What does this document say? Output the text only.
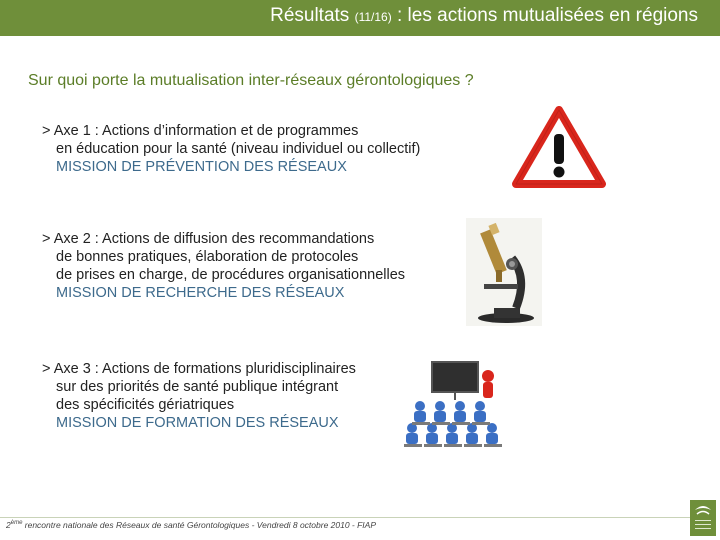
Résultats (11/16) : les actions mutualisées en régions
Sur quoi porte la mutualisation inter-réseaux gérontologiques ?
> Axe 1 : Actions d’information et de programmes
en éducation pour la santé (niveau individuel ou collectif)
MISSION DE PRÉVENTION DES RÉSEAUX
> Axe 2 : Actions de diffusion des recommandations
de bonnes pratiques, élaboration de protocoles
de prises en charge, de procédures organisationnelles
MISSION DE RECHERCHE DES RÉSEAUX
> Axe 3 : Actions de formations pluridisciplinaires
sur des priorités de santé publique intégrant
des spécificités gériatriques
MISSION DE FORMATION DES RÉSEAUX
2ème rencontre nationale des Réseaux de santé Gérontologiques - Vendredi 8 octobre 2010 - FIAP
